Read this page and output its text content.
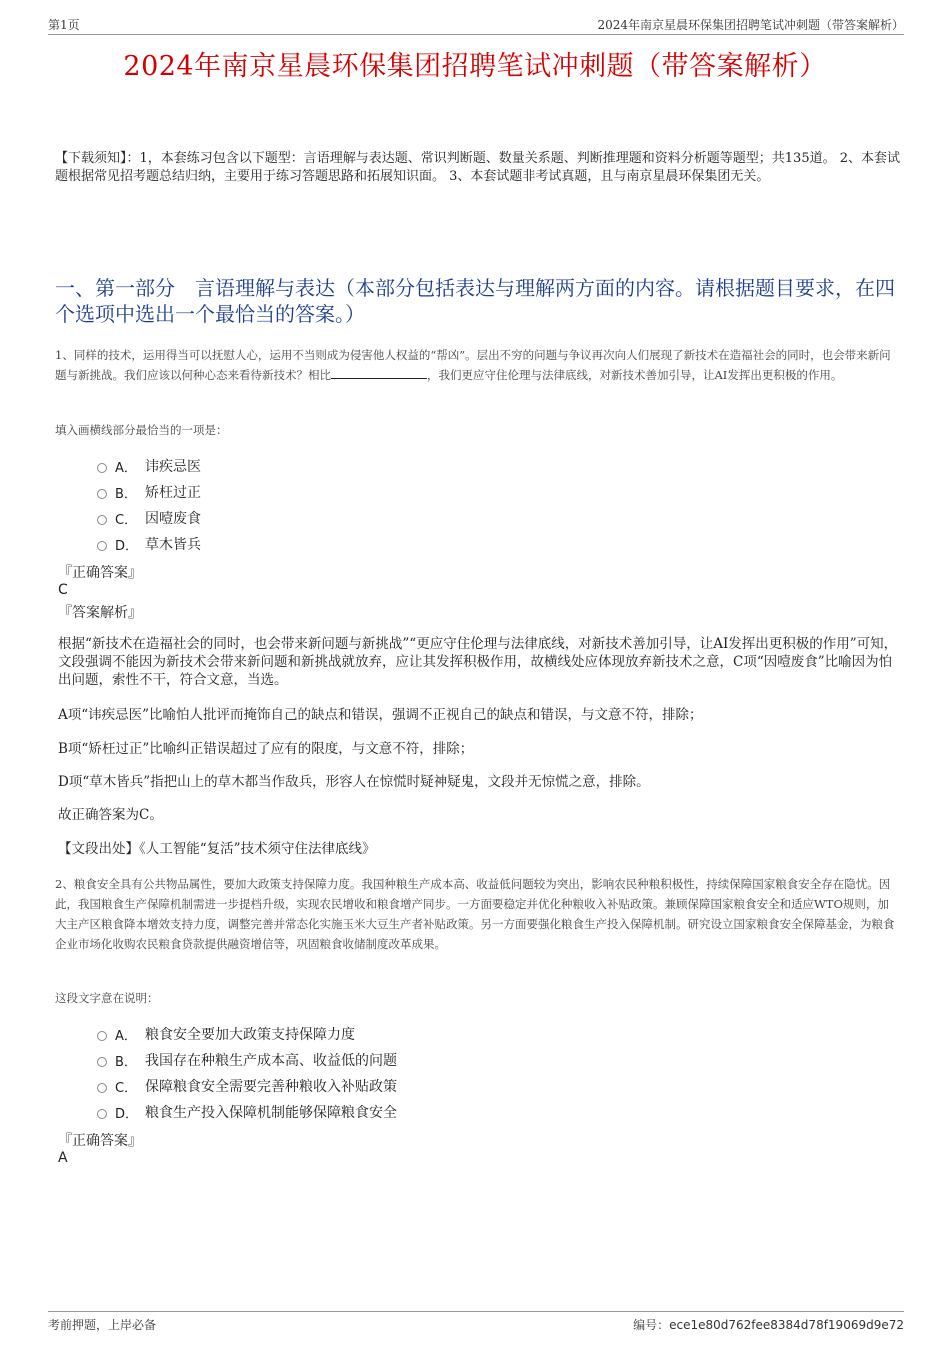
第1页	2024年南京星晨环保集团招聘笔试冲刺题（带答案解析）
2024年南京星晨环保集团招聘笔试冲刺题（带答案解析）
【下载须知】：1，本套练习包含以下题型：言语理解与表达题、常识判断题、数量关系题、判断推理题和资料分析题等题型；共135道。 2、本套试题根据常见招考题总结归纳，主要用于练习答题思路和拓展知识面。 3、本套试题非考试真题，且与南京星晨环保集团无关。
一、第一部分　言语理解与表达（本部分包括表达与理解两方面的内容。请根据题目要求，在四个选项中选出一个最恰当的答案。）
1、同样的技术，运用得当可以抚慰人心，运用不当则成为侵害他人权益的“帮凶”。层出不穷的问题与争议再次向人们展现了新技术在造福社会的同时，也会带来新问题与新挑战。我们应该以何种心态来看待新技术？相比	，我们更应守住伦理与法律底线，对新技术善加引导，让AI发挥出更积极的作用。
填入画横线部分最恰当的一项是：
A． 讳疾忌医
B． 矫枉过正
C． 因噎废食
D． 草木皆兵
『正确答案』
C
『答案解析』
根据“新技术在造福社会的同时，也会带来新问题与新挑战”“更应守住伦理与法律底线，对新技术善加引导，让AI发挥出更积极的作用”可知，文段强调不能因为新技术会带来新问题和新挑战就放弃，应让其发挥积极作用，故横线处应体现放弃新技术之意，C项“因噎废食”比喻因为怕出问题，索性不干，符合文意，当选。
A项“讳疾忌医”比喻怕人批评而掩饰自己的缺点和错误，强调不正视自己的缺点和错误，与文意不符，排除；
B项“矫枉过正”比喻纠正错误超过了应有的限度，与文意不符，排除；
D项“草木皆兵”指把山上的草木都当作敌兵，形容人在惊慌时疑神疑鬼，文段并无惊慌之意，排除。
故正确答案为C。
【文段出处】《人工智能“复活”技术须守住法律底线》
2、粮食安全具有公共物品属性，要加大政策支持保障力度。我国种粮生产成本高、收益低问题较为突出，影响农民种粮积极性，持续保障国家粮食安全存在隐忧。因此，我国粮食生产保障机制需进一步提档升级，实现农民增收和粮食增产同步。一方面要稳定并优化种粮收入补贴政策。兼顾保障国家粮食安全和适应WTO规则，加大主产区粮食降本增效支持力度，调整完善并常态化实施玉米大豆生产者补贴政策。另一方面要强化粮食生产投入保障机制。研究设立国家粮食安全保障基金，为粮食企业市场化收购农民粮食贷款提供融资增信等，巩固粮食收储制度改革成果。
这段文字意在说明：
A． 粮食安全要加大政策支持保障力度
B． 我国存在种粮生产成本高、收益低的问题
C． 保障粮食安全需要完善种粮收入补贴政策
D． 粮食生产投入保障机制能够保障粮食安全
『正确答案』
A
考前押题，上岸必备	编号：ece1e80d762fee8384d78f19069d9e72
